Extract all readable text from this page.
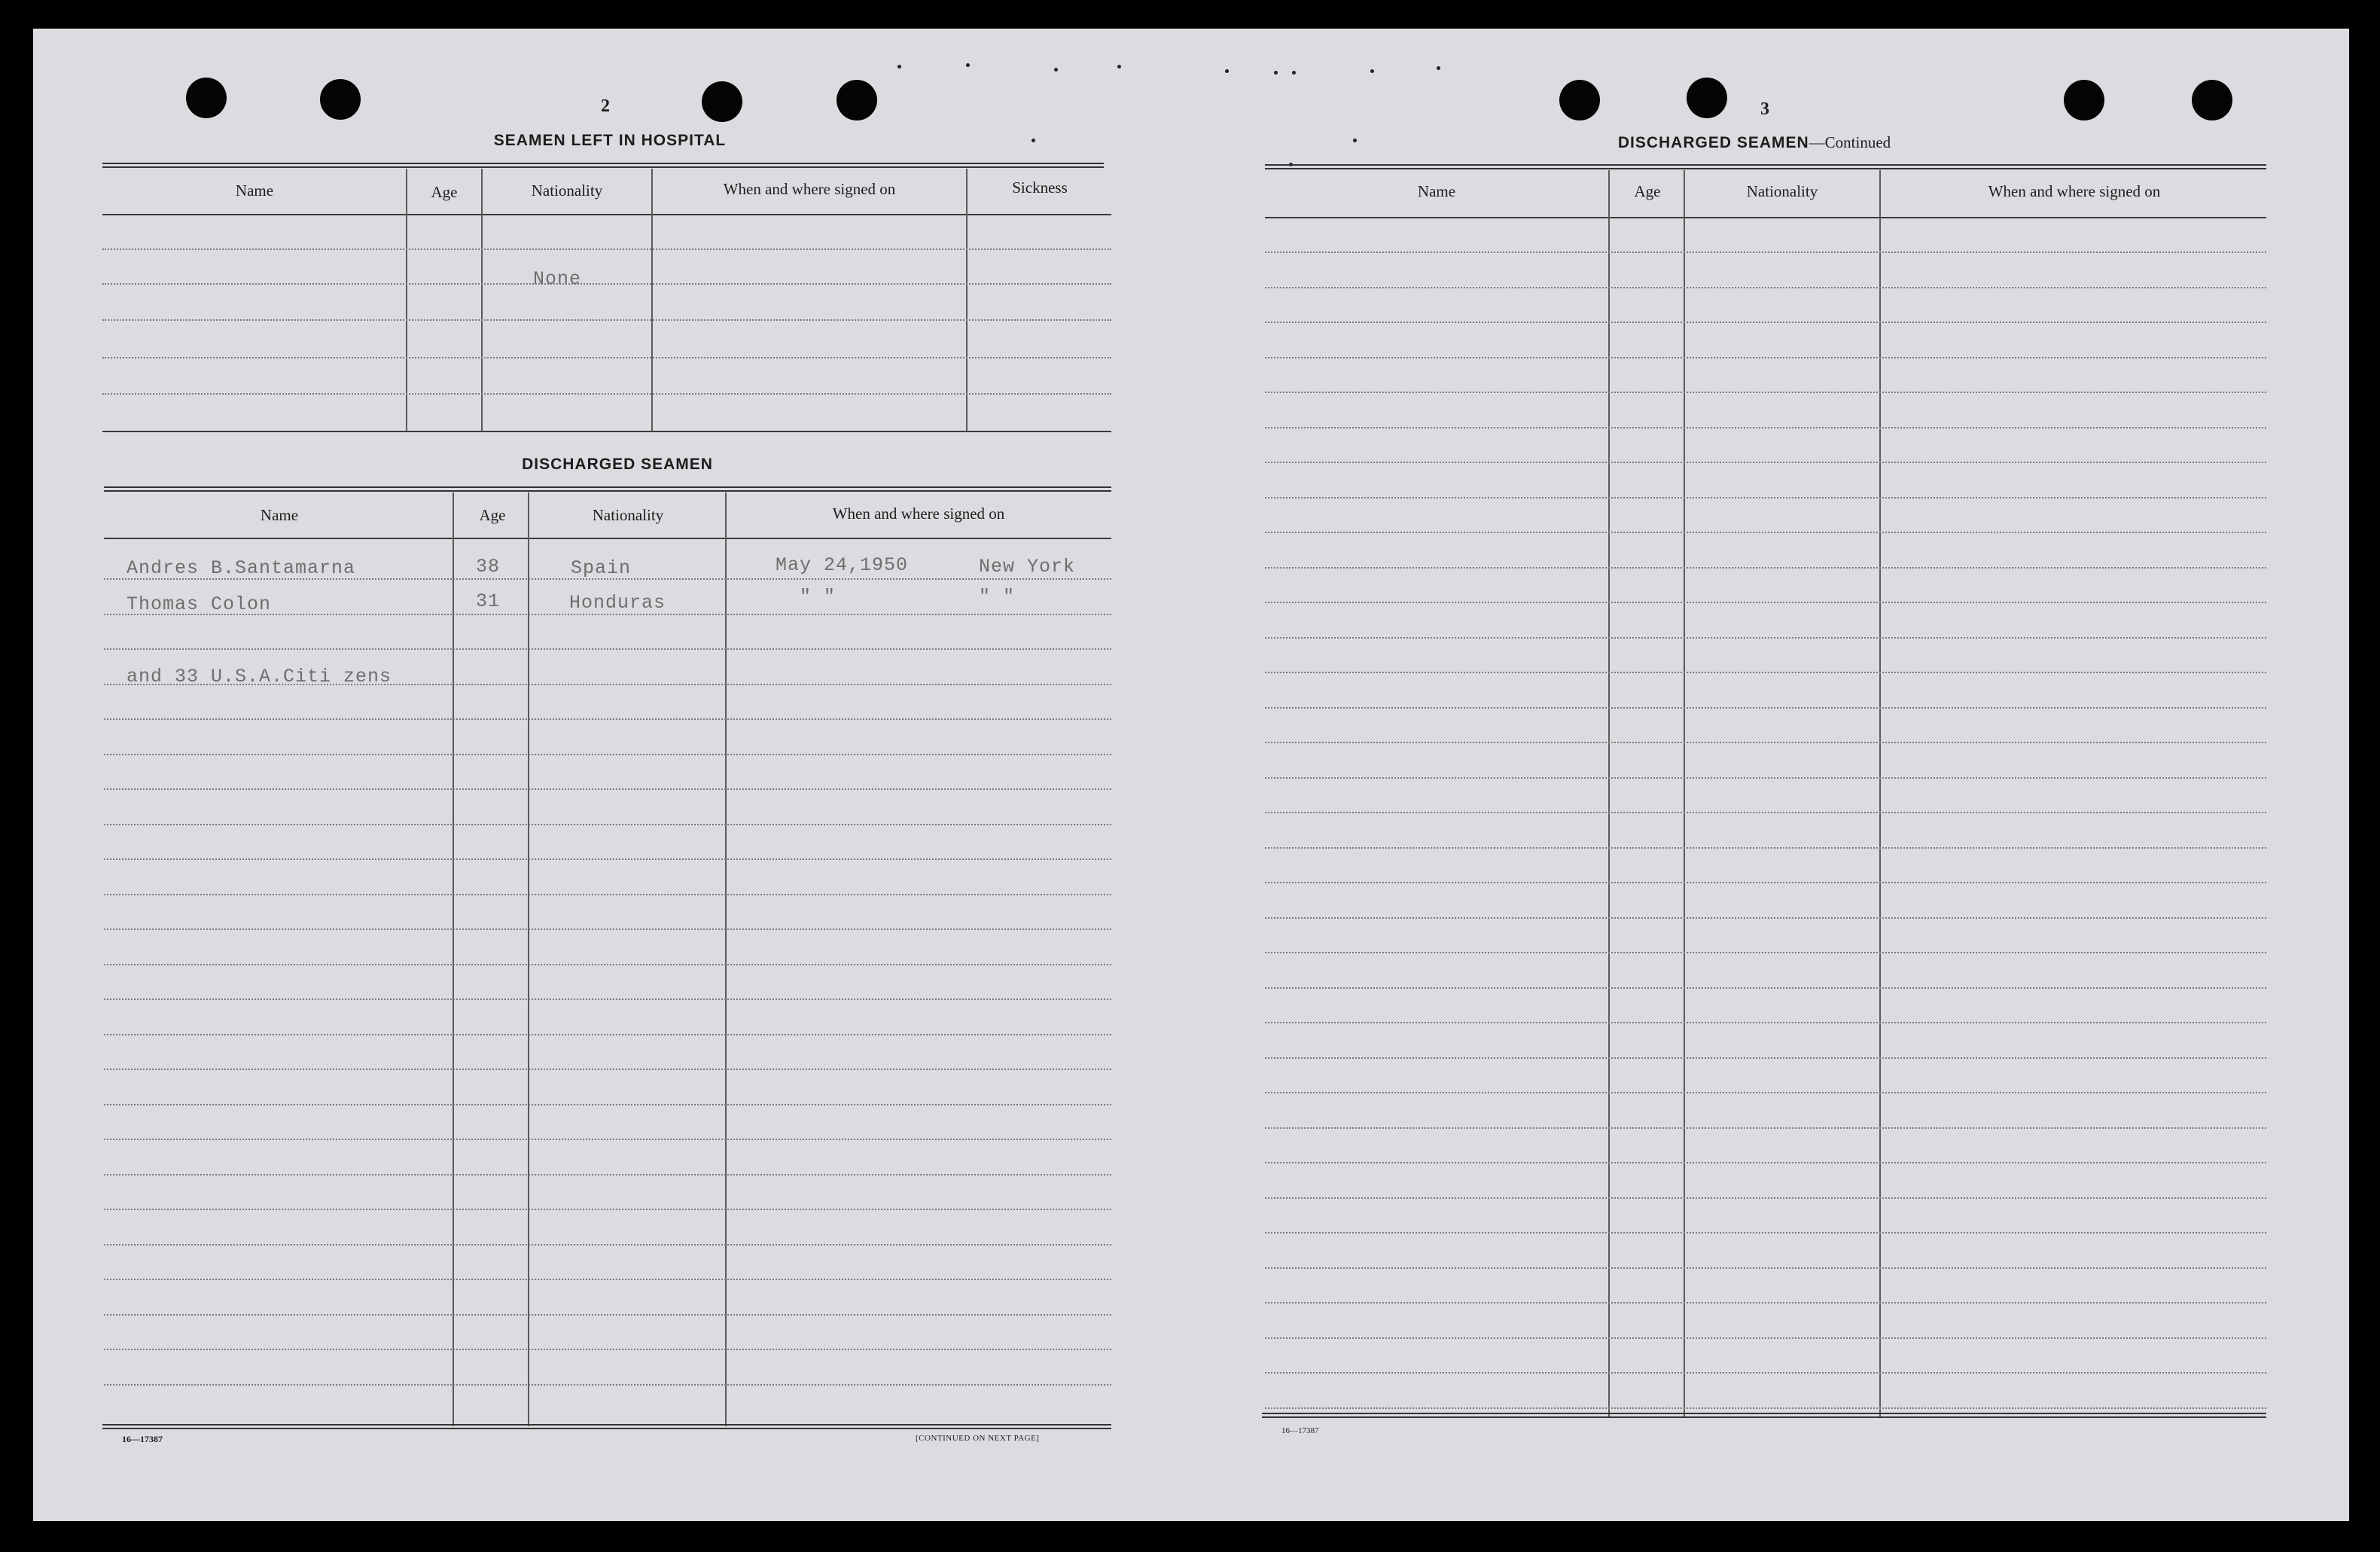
2
SEAMEN LEFT IN HOSPITAL
Name	Age	Nationality	When and where signed on	Sickness
None
DISCHARGED SEAMEN
Name	Age	Nationality	When and where signed on
Andres B.Santamarna	38	Spain	May 24,1950	New York
Thomas Colon	31	Honduras	" "	" "
and 33 U.S.A.Citi zens
16—17387	[CONTINUED ON NEXT PAGE]
3
DISCHARGED SEAMEN—Continued
Name	Age	Nationality	When and where signed on
16—17387
